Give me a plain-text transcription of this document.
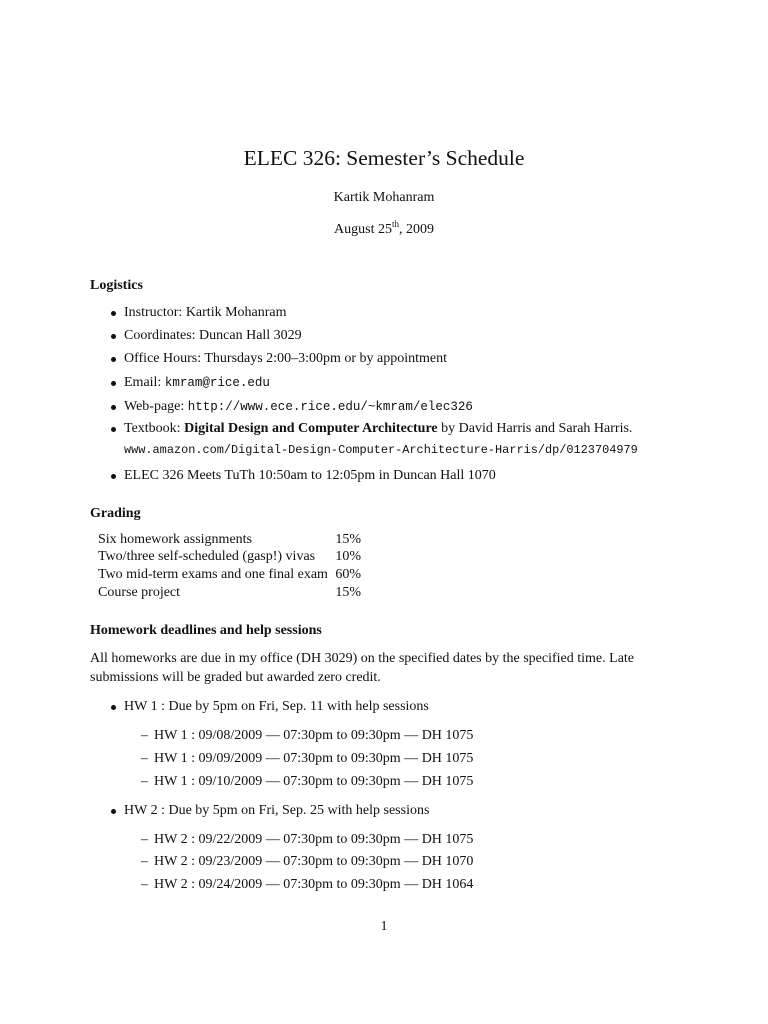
ELEC 326: Semester’s Schedule
Kartik Mohanram
August 25th, 2009
Logistics
Instructor: Kartik Mohanram
Coordinates: Duncan Hall 3029
Office Hours: Thursdays 2:00–3:00pm or by appointment
Email: kmram@rice.edu
Web-page: http://www.ece.rice.edu/~kmram/elec326
Textbook: Digital Design and Computer Architecture by David Harris and Sarah Harris.
www.amazon.com/Digital-Design-Computer-Architecture-Harris/dp/0123704979
ELEC 326 Meets TuTh 10:50am to 12:05pm in Duncan Hall 1070
Grading
Six homework assignments	15%
Two/three self-scheduled (gasp!) vivas 10%
Two mid-term exams and one final exam 60%
Course project	15%
Homework deadlines and help sessions

All homeworks are due in my office (DH 3029) on the specified dates by the specified time. Late submissions will be graded but awarded zero credit.

HW 1 : Due by 5pm on Fri, Sep. 11 with help sessions
– HW 1 : 09/08/2009 — 07:30pm to 09:30pm — DH 1075
– HW 1 : 09/09/2009 — 07:30pm to 09:30pm — DH 1075
– HW 1 : 09/10/2009 — 07:30pm to 09:30pm — DH 1075
HW 2 : Due by 5pm on Fri, Sep. 25 with help sessions
– HW 2 : 09/22/2009 — 07:30pm to 09:30pm — DH 1075
– HW 2 : 09/23/2009 — 07:30pm to 09:30pm — DH 1070
– HW 2 : 09/24/2009 — 07:30pm to 09:30pm — DH 1064
1
